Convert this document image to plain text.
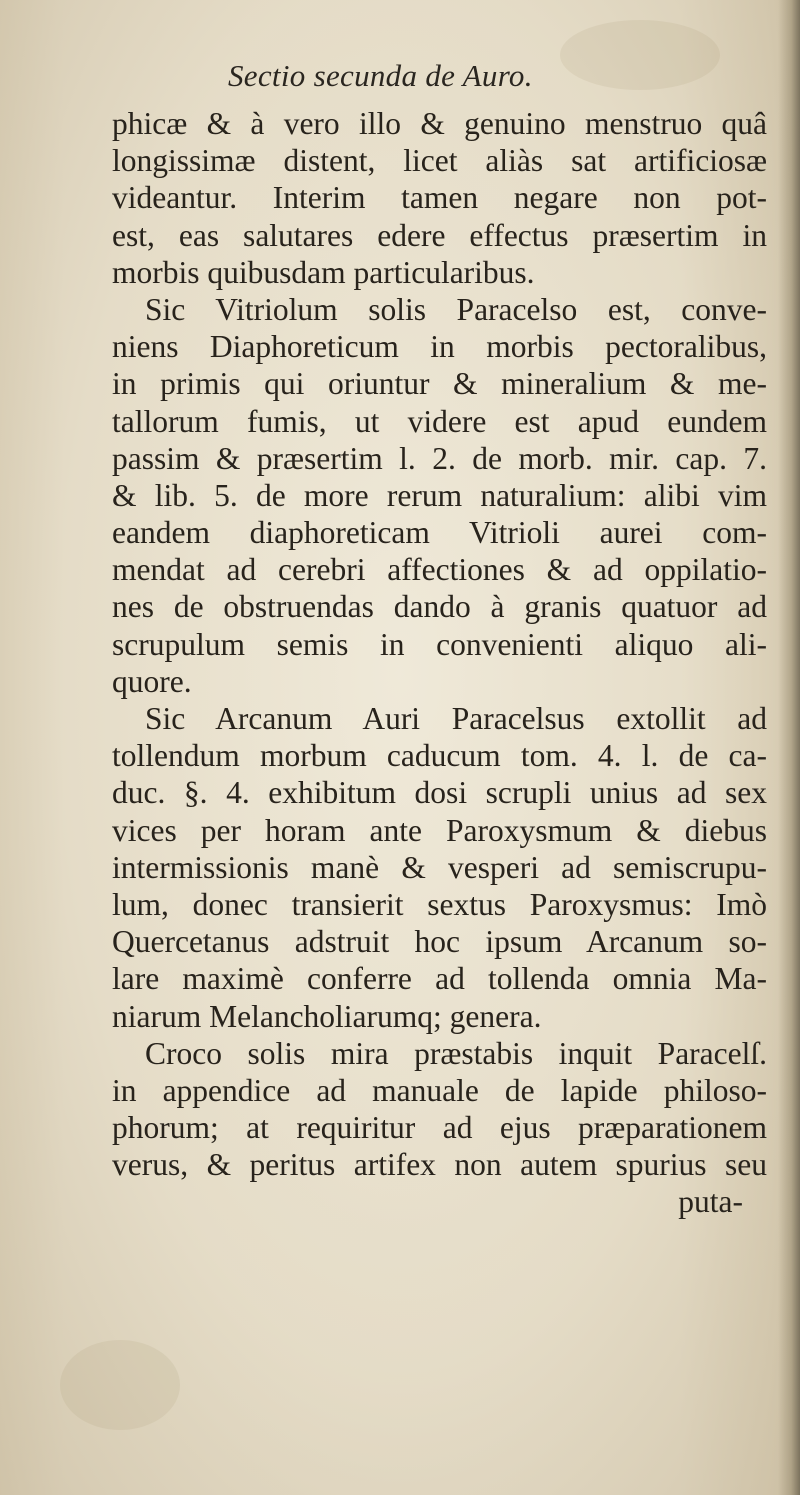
Sectio secunda de Auro.
phicæ & à vero illo & genuino menstruo quâ
longissimæ distent, licet aliàs sat artificiosæ
videantur. Interim tamen negare non pot-
est, eas salutares edere effectus præsertim in
morbis quibusdam particularibus.
Sic Vitriolum solis Paracelso est, conve-
niens Diaphoreticum in morbis pectoralibus,
in primis qui oriuntur & mineralium & me-
tallorum fumis, ut videre est apud eundem
passim & præsertim l. 2. de morb. mir. cap. 7.
& lib. 5. de more rerum naturalium: alibi vim
eandem diaphoreticam Vitrioli aurei com-
mendat ad cerebri affectiones & ad oppilatio-
nes de obstruendas dando à granis quatuor ad
scrupulum semis in convenienti aliquo ali-
quore.
Sic Arcanum Auri Paracelsus extollit ad
tollendum morbum caducum tom. 4. l. de ca-
duc. §. 4. exhibitum dosi scrupli unius ad sex
vices per horam ante Paroxysmum & diebus
intermissionis manè & vesperi ad semiscrupu-
lum, donec transierit sextus Paroxysmus: Imò
Quercetanus adstruit hoc ipsum Arcanum so-
lare maximè conferre ad tollenda omnia Ma-
niarum Melancholiarumq; genera.
Croco solis mira præstabis inquit Paracelſ.
in appendice ad manuale de lapide philoso-
phorum; at requiritur ad ejus præparationem
verus, & peritus artifex non autem spurius seu
puta-
